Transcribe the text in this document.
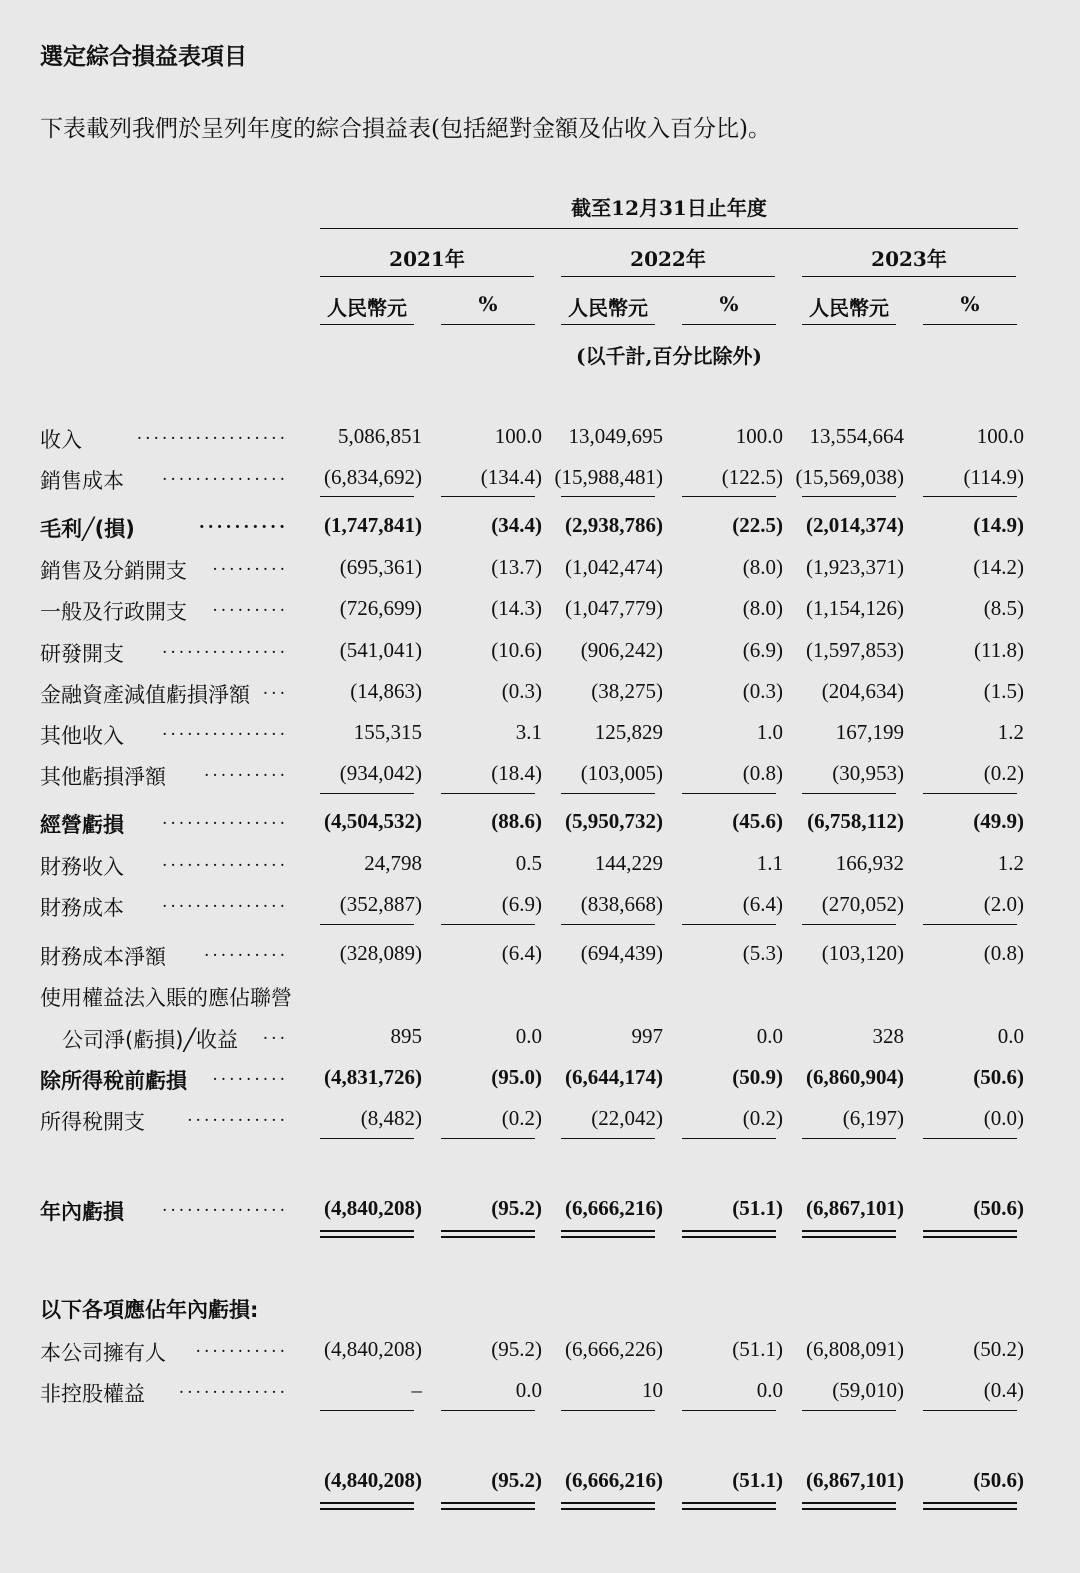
選定綜合損益表項目
下表載列我們於呈列年度的綜合損益表(包括絕對金額及佔收入百分比)。
截至12月31日止年度
2021年	2022年	2023年
人民幣元	%	人民幣元	%	人民幣元	%
(以千計,百分比除外)
收入	.................. 5,086,851	100.0 13,049,695	100.0 13,554,664	100.0
銷售成本	............... (6,834,692)	(134.4) (15,988,481)	(122.5) (15,569,038)	(114.9)
毛利╱(損)	.......... (1,747,841)	(34.4) (2,938,786)	(22.5) (2,014,374)	(14.9)
銷售及分銷開支	......... (695,361)	(13.7) (1,042,474)	(8.0) (1,923,371)	(14.2)
一般及行政開支	......... (726,699)	(14.3) (1,047,779)	(8.0) (1,154,126)	(8.5)
研發開支	............... (541,041)	(10.6) (906,242)	(6.9) (1,597,853)	(11.8)
金融資產減值虧損淨額 ...	(14,863)	(0.3) (38,275)	(0.3) (204,634)	(1.5)
其他收入	...............	155,315	3.1	125,829	1.0	167,199	1.2
其他虧損淨額	.......... (934,042)	(18.4) (103,005)	(0.8) (30,953)	(0.2)
經營虧損	............... (4,504,532)	(88.6) (5,950,732)	(45.6) (6,758,112)	(49.9)
財務收入	...............	24,798	0.5	144,229	1.1	166,932	1.2
財務成本	............... (352,887)	(6.9) (838,668)	(6.4) (270,052)	(2.0)
財務成本淨額	.......... (328,089)	(6.4) (694,439)	(5.3) (103,120)	(0.8)
使用權益法入賬的應佔聯營
公司淨(虧損)╱收益	...	895	0.0	997	0.0	328	0.0
除所得稅前虧損	......... (4,831,726)	(95.0) (6,644,174)	(50.9) (6,860,904)	(50.6)
所得稅開支	............	(8,482)	(0.2) (22,042)	(0.2)	(6,197)	(0.0)
年內虧損	............... (4,840,208)	(95.2) (6,666,216)	(51.1) (6,867,101)	(50.6)
以下各項應佔年內虧損:
本公司擁有人	........... (4,840,208)	(95.2) (6,666,226)	(51.1) (6,808,091)	(50.2)
非控股權益	.............	–	0.0	10	0.0 (59,010)	(0.4)
(4,840,208)	(95.2) (6,666,216)	(51.1) (6,867,101)	(50.6)
